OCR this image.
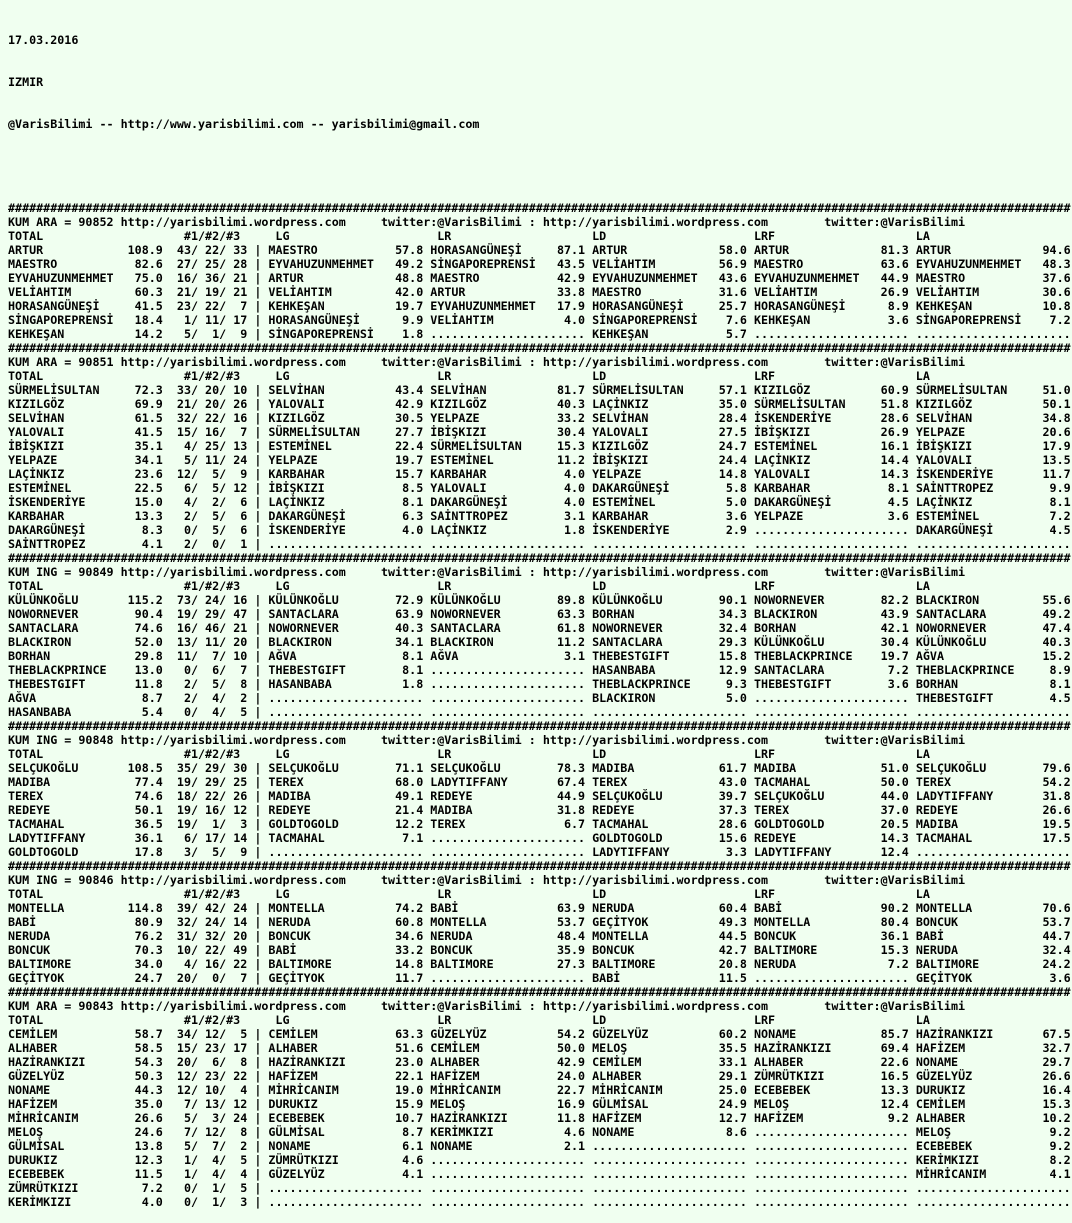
17.03.2016

IZMIR

@VarisBilimi -- http://www.yarisbilimi.com -- yarisbilimi@gmail.com

#######################################################################################################################################################
KUM ARA = 90852 http://yarisbilimi.wordpress.com	twitter:@VarisBilimi : http://yarisbilimi.wordpress.com	twitter:@VarisBilimi
TOTAL                    #1/#2/#3     LG	LR	LD	LRF	LA
ARTUR            108.9  43/ 22/ 33 | MAESTRO           57.8 HORASANGÜNEŞİ     87.1 ARTUR             58.0 ARTUR             81.3 ARTUR             94.6
MAESTRO           82.6  27/ 25/ 28 | EYVAHUZUNMEHMET   49.2 SİNGAPOREPRENSİ   43.5 VELİAHTIM         56.9 MAESTRO           63.6 EYVAHUZUNMEHMET   48.3
EYVAHUZUNMEHMET   75.0  16/ 36/ 21 | ARTUR             48.8 MAESTRO           42.9 EYVAHUZUNMEHMET   43.6 EYVAHUZUNMEHMET   44.9 MAESTRO           37.6
VELİAHTIM         60.3  21/ 19/ 21 | VELİAHTIM         42.0 ARTUR             33.8 MAESTRO           31.6 VELİAHTIM         26.9 VELİAHTIM         30.6
HORASANGÜNEŞİ     41.5  23/ 22/  7 | KEHKEŞAN          19.7 EYVAHUZUNMEHMET   17.9 HORASANGÜNEŞİ     25.7 HORASANGÜNEŞİ      8.9 KEHKEŞAN          10.8
SİNGAPOREPRENSİ   18.4   1/ 11/ 17 | HORASANGÜNEŞİ      9.9 VELİAHTIM          4.0 SİNGAPOREPRENSİ    7.6 KEHKEŞAN           3.6 SİNGAPOREPRENSİ    7.2
KEHKEŞAN          14.2   5/  1/  9 | SİNGAPOREPRENSİ    1.8 ...................... KEHKEŞAN           5.7 ...................... ......................
#######################################################################################################################################################
KUM ARA = 90851 http://yarisbilimi.wordpress.com	twitter:@VarisBilimi : http://yarisbilimi.wordpress.com	twitter:@VarisBilimi
TOTAL                    #1/#2/#3     LG	LR	LD	LRF	LA
SÜRMELİSULTAN     72.3  33/ 20/ 10 | SELVİHAN          43.4 SELVİHAN          81.7 SÜRMELİSULTAN     57.1 KIZILGÖZ          60.9 SÜRMELİSULTAN     51.0
KIZILGÖZ          69.9  21/ 20/ 26 | YALOVALI          42.9 KIZILGÖZ          40.3 LAÇİNKIZ          35.0 SÜRMELİSULTAN     51.8 KIZILGÖZ          50.1
SELVİHAN          61.5  32/ 22/ 16 | KIZILGÖZ          30.5 YELPAZE           33.2 SELVİHAN          28.4 İSKENDERİYE       28.6 SELVİHAN          34.8
YALOVALI          41.5  15/ 16/  7 | SÜRMELİSULTAN     27.7 İBİŞKIZI          30.4 YALOVALI          27.5 İBİŞKIZI          26.9 YELPAZE           20.6
İBİŞKIZI          35.1   4/ 25/ 13 | ESTEMİNEL         22.4 SÜRMELİSULTAN     15.3 KIZILGÖZ          24.7 ESTEMİNEL         16.1 İBİŞKIZI          17.9
YELPAZE           34.1   5/ 11/ 24 | YELPAZE           19.7 ESTEMİNEL         11.2 İBİŞKIZI          24.4 LAÇİNKIZ          14.4 YALOVALI          13.5
LAÇİNKIZ          23.6  12/  5/  9 | KARBAHAR          15.7 KARBAHAR           4.0 YELPAZE           14.8 YALOVALI          14.3 İSKENDERİYE       11.7
ESTEMİNEL         22.5   6/  5/ 12 | İBİŞKIZI           8.5 YALOVALI           4.0 DAKARGÜNEŞİ        5.8 KARBAHAR           8.1 SAİNTTROPEZ        9.9
İSKENDERİYE       15.0   4/  2/  6 | LAÇİNKIZ           8.1 DAKARGÜNEŞİ        4.0 ESTEMİNEL          5.0 DAKARGÜNEŞİ        4.5 LAÇİNKIZ           8.1
KARBAHAR          13.3   2/  5/  6 | DAKARGÜNEŞİ        6.3 SAİNTTROPEZ        3.1 KARBAHAR           3.6 YELPAZE            3.6 ESTEMİNEL          7.2
DAKARGÜNEŞİ        8.3   0/  5/  6 | İSKENDERİYE        4.0 LAÇİNKIZ           1.8 İSKENDERİYE        2.9 ...................... DAKARGÜNEŞİ        4.5
SAİNTTROPEZ        4.1   2/  0/  1 | ...................... ...................... ...................... ...................... ......................
#######################################################################################################################################################
KUM ING = 90849 http://yarisbilimi.wordpress.com	twitter:@VarisBilimi : http://yarisbilimi.wordpress.com	twitter:@VarisBilimi
TOTAL                    #1/#2/#3     LG	LR	LD	LRF	LA
KÜLÜNKOĞLU       115.2  73/ 24/ 16 | KÜLÜNKOĞLU        72.9 KÜLÜNKOĞLU        89.8 KÜLÜNKOĞLU        90.1 NOWORNEVER        82.2 BLACKIRON         55.6
NOWORNEVER        90.4  19/ 29/ 47 | SANTACLARA        63.9 NOWORNEVER        63.3 BORHAN            34.3 BLACKIRON         43.9 SANTACLARA        49.2
SANTACLARA        74.6  16/ 46/ 21 | NOWORNEVER        40.3 SANTACLARA        61.8 NOWORNEVER        32.4 BORHAN            42.1 NOWORNEVER        47.4
BLACKIRON         52.0  13/ 11/ 20 | BLACKIRON         34.1 BLACKIRON         11.2 SANTACLARA        29.3 KÜLÜNKOĞLU        30.4 KÜLÜNKOĞLU        40.3
BORHAN            29.8  11/  7/ 10 | AĞVA               8.1 AĞVA               3.1 THEBESTGIFT       15.8 THEBLACKPRINCE    19.7 AĞVA              15.2
THEBLACKPRINCE    13.0   0/  6/  7 | THEBESTGIFT        8.1 ...................... HASANBABA         12.9 SANTACLARA         7.2 THEBLACKPRINCE     8.9
THEBESTGIFT       11.8   2/  5/  8 | HASANBABA          1.8 ...................... THEBLACKPRINCE     9.3 THEBESTGIFT        3.6 BORHAN             8.1
AĞVA               8.7   2/  4/  2 | ...................... ...................... BLACKIRON          5.0 ...................... THEBESTGIFT        4.5
HASANBABA          5.4   0/  4/  5 | ...................... ...................... ...................... ...................... ......................
#######################################################################################################################################################
KUM ING = 90848 http://yarisbilimi.wordpress.com	twitter:@VarisBilimi : http://yarisbilimi.wordpress.com	twitter:@VarisBilimi
TOTAL                    #1/#2/#3     LG	LR	LD	LRF	LA
SELÇUKOĞLU       108.5  35/ 29/ 30 | SELÇUKOĞLU        71.1 SELÇUKOĞLU        78.3 MADIBA            61.7 MADIBA            51.0 SELÇUKOĞLU        79.6
MADIBA            77.4  19/ 29/ 25 | TEREX             68.0 LADYTIFFANY       67.4 TEREX             43.0 TACMAHAL          50.0 TEREX             54.2
TEREX             74.6  18/ 22/ 26 | MADIBA            49.1 REDEYE            44.9 SELÇUKOĞLU        39.7 SELÇUKOĞLU        44.0 LADYTIFFANY       31.8
REDEYE            50.1  19/ 16/ 12 | REDEYE            21.4 MADIBA            31.8 REDEYE            37.3 TEREX             37.0 REDEYE            26.6
TACMAHAL          36.5  19/  1/  3 | GOLDTOGOLD        12.2 TEREX              6.7 TACMAHAL          28.6 GOLDTOGOLD        20.5 MADIBA            19.5
LADYTIFFANY       36.1   6/ 17/ 14 | TACMAHAL           7.1 ...................... GOLDTOGOLD        15.6 REDEYE            14.3 TACMAHAL          17.5
GOLDTOGOLD        17.8   3/  5/  9 | ...................... ...................... LADYTIFFANY        3.3 LADYTIFFANY       12.4 ......................
#######################################################################################################################################################
KUM ING = 90846 http://yarisbilimi.wordpress.com	twitter:@VarisBilimi : http://yarisbilimi.wordpress.com	twitter:@VarisBilimi
TOTAL                    #1/#2/#3     LG	LR	LD	LRF	LA
MONTELLA         114.8  39/ 42/ 24 | MONTELLA          74.2 BABİ              63.9 NERUDA            60.4 BABİ              90.2 MONTELLA          70.6
BABİ              80.9  32/ 24/ 14 | NERUDA            60.8 MONTELLA          53.7 GEÇİTYOK          49.3 MONTELLA          80.4 BONCUK            53.7
NERUDA            76.2  31/ 32/ 20 | BONCUK            34.6 NERUDA            48.4 MONTELLA          44.5 BONCUK            36.1 BABİ              44.7
BONCUK            70.3  10/ 22/ 49 | BABİ              33.2 BONCUK            35.9 BONCUK            42.7 BALTIMORE         15.3 NERUDA            32.4
BALTIMORE         34.0   4/ 16/ 22 | BALTIMORE         14.8 BALTIMORE         27.3 BALTIMORE         20.8 NERUDA             7.2 BALTIMORE         24.2
GEÇİTYOK          24.7  20/  0/  7 | GEÇİTYOK          11.7 ...................... BABİ              11.5 ...................... GEÇİTYOK           3.6
#######################################################################################################################################################
KUM ARA = 90843 http://yarisbilimi.wordpress.com	twitter:@VarisBilimi : http://yarisbilimi.wordpress.com	twitter:@VarisBilimi
TOTAL                    #1/#2/#3     LG	LR	LD	LRF	LA
CEMİLEM           58.7  34/ 12/  5 | CEMİLEM           63.3 GÜZELYÜZ          54.2 GÜZELYÜZ          60.2 NONAME            85.7 HAZİRANKIZI       67.5
ALHABER           58.5  15/ 23/ 17 | ALHABER           51.6 CEMİLEM           50.0 MELOŞ             35.5 HAZİRANKIZI       69.4 HAFİZEM           32.7
HAZİRANKIZI       54.3  20/  6/  8 | HAZİRANKIZI       23.0 ALHABER           42.9 CEMİLEM           33.1 ALHABER           22.6 NONAME            29.7
GÜZELYÜZ          50.3  12/ 23/ 22 | HAFİZEM           22.1 HAFİZEM           24.0 ALHABER           29.1 ZÜMRÜTKIZI        16.5 GÜZELYÜZ          26.6
NONAME            44.3  12/ 10/  4 | MİHRİCANIM        19.0 MİHRİCANIM        22.7 MİHRİCANIM        25.0 ECEBEBEK          13.3 DURUKIZ           16.4
HAFİZEM           35.0   7/ 13/ 12 | DURUKIZ           15.9 MELOŞ             16.9 GÜLMİSAL          24.9 MELOŞ             12.4 CEMİLEM           15.3
MİHRİCANIM        26.6   5/  3/ 24 | ECEBEBEK          10.7 HAZİRANKIZI       11.8 HAFİZEM           12.7 HAFİZEM            9.2 ALHABER           10.2
MELOŞ             24.6   7/ 12/  8 | GÜLMİSAL           8.7 KERİMKIZI          4.6 NONAME             8.6 ...................... MELOŞ              9.2
GÜLMİSAL          13.8   5/  7/  2 | NONAME             6.1 NONAME             2.1 ...................... ...................... ECEBEBEK           9.2
DURUKIZ           12.3   1/  4/  5 | ZÜMRÜTKIZI         4.6 ...................... ...................... ...................... KERİMKIZI          8.2
ECEBEBEK          11.5   1/  4/  4 | GÜZELYÜZ           4.1 ...................... ...................... ...................... MİHRİCANIM         4.1
ZÜMRÜTKIZI         7.2   0/  1/  5 | ...................... ...................... ...................... ...................... ......................
KERİMKIZI          4.0   0/  1/  3 | ...................... ...................... ...................... ...................... ......................
